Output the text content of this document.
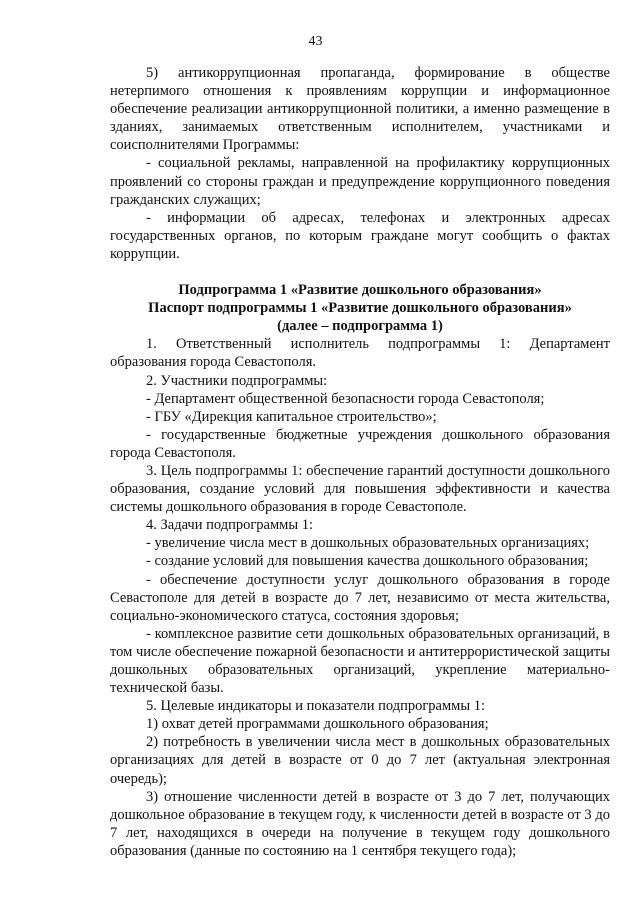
43

5) антикоррупционная пропаганда, формирование в обществе нетерпимого отношения к проявлениям коррупции и информационное обеспечение реализации антикоррупционной политики, а именно размещение в зданиях, занимаемых ответственным исполнителем, участниками и соисполнителями Программы:

- социальной рекламы, направленной на профилактику коррупционных проявлений со стороны граждан и предупреждение коррупционного поведения гражданских служащих;

- информации об адресах, телефонах и электронных адресах государственных органов, по которым граждане могут сообщить о фактах коррупции.

Подпрограмма 1 «Развитие дошкольного образования»

Паспорт подпрограммы 1 «Развитие дошкольного образования»

(далее – подпрограмма 1)

1. Ответственный исполнитель подпрограммы 1: Департамент образования города Севастополя.

2. Участники подпрограммы:

- Департамент общественной безопасности города Севастополя;

- ГБУ «Дирекция капитальное строительство»;

- государственные бюджетные учреждения дошкольного образования города Севастополя.

3. Цель подпрограммы 1: обеспечение гарантий доступности дошкольного образования, создание условий для повышения эффективности и качества системы дошкольного образования в городе Севастополе.

4. Задачи подпрограммы 1:

- увеличение числа мест в дошкольных образовательных организациях;

- создание условий для повышения качества дошкольного образования;

- обеспечение доступности услуг дошкольного образования в городе Севастополе для детей в возрасте до 7 лет, независимо от места жительства, социально-экономического статуса, состояния здоровья;

- комплексное развитие сети дошкольных образовательных организаций, в том числе обеспечение пожарной безопасности и антитеррористической защиты дошкольных образовательных организаций, укрепление материально-технической базы.

5. Целевые индикаторы и показатели подпрограммы 1:

1) охват детей программами дошкольного образования;

2) потребность в увеличении числа мест в дошкольных образовательных организациях для детей в возрасте от 0 до 7 лет (актуальная электронная очередь);

3) отношение численности детей в возрасте от 3 до 7 лет, получающих дошкольное образование в текущем году, к численности детей в возрасте от 3 до 7 лет, находящихся в очереди на получение в текущем году дошкольного образования (данные по состоянию на 1 сентября текущего года);
